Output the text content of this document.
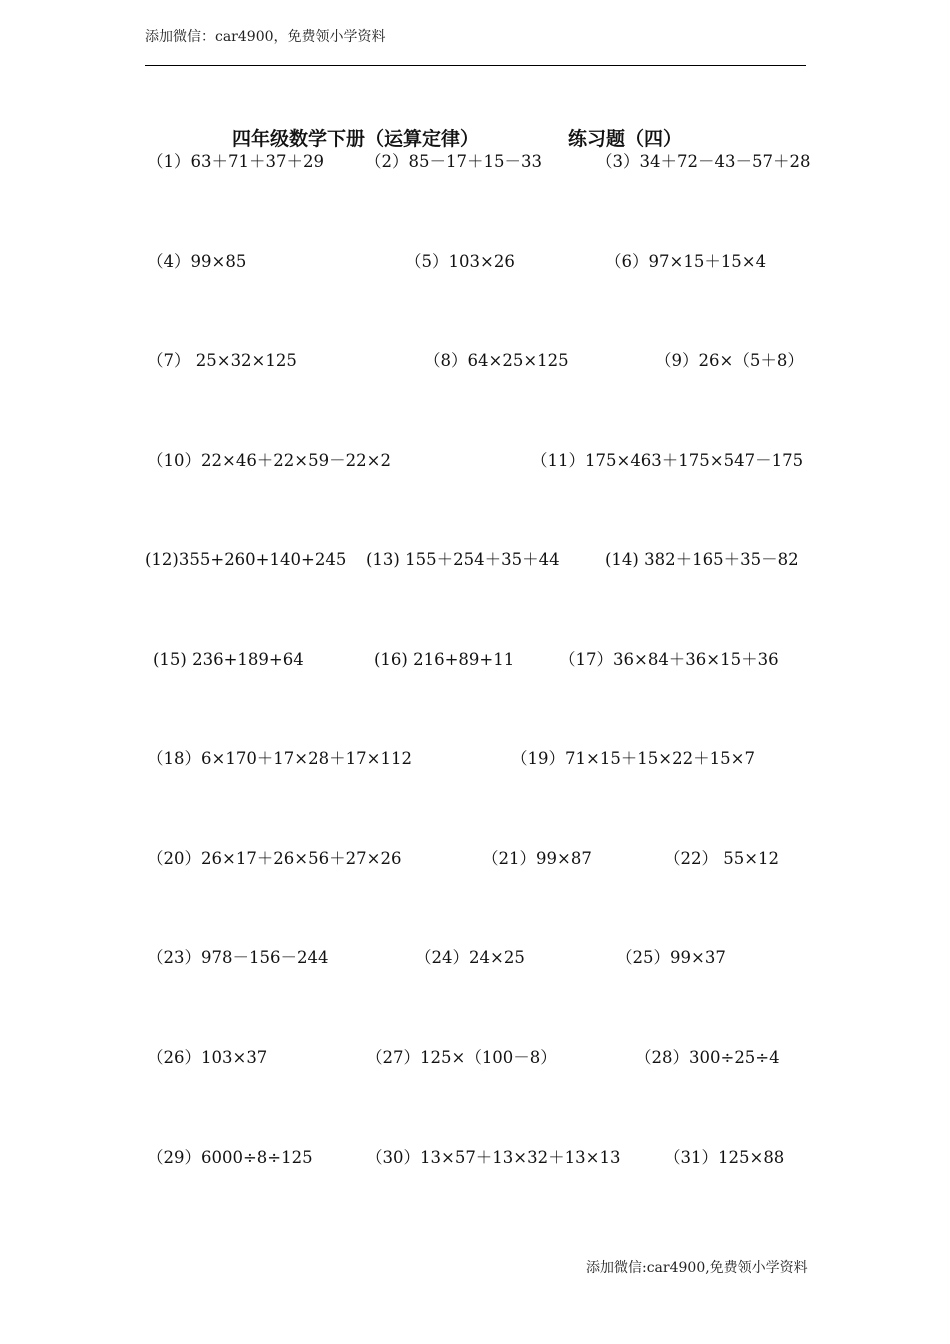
添加微信：car4900，免费领小学资料
四年级数学下册（运算定律）	练习题（四）
（1）63＋71＋37＋29 （2）85－17＋15－33	（3）34＋72－43－57＋28
（4）99×85	（5）103×26	（6）97×15＋15×4
（7） 25×32×125	（8）64×25×125	（9）26×（5＋8）
（10）22×46＋22×59－22×2	（11）175×463＋175×547－175
(12)355+260+140+245 (13) 155＋254＋35＋44	(14) 382＋165＋35－82
(15) 236+189+64	(16) 216+89+11	（17）36×84＋36×15＋36
（18）6×170＋17×28＋17×112	（19）71×15＋15×22＋15×7
（20）26×17＋26×56＋27×26	（21）99×87	（22） 55×12
（23）978－156－244	（24）24×25	（25）99×37
（26）103×37	（27）125×（100－8）	（28）300÷25÷4
（29）6000÷8÷125	（30）13×57＋13×32＋13×13	（31）125×88
添加微信:car4900,免费领小学资料
